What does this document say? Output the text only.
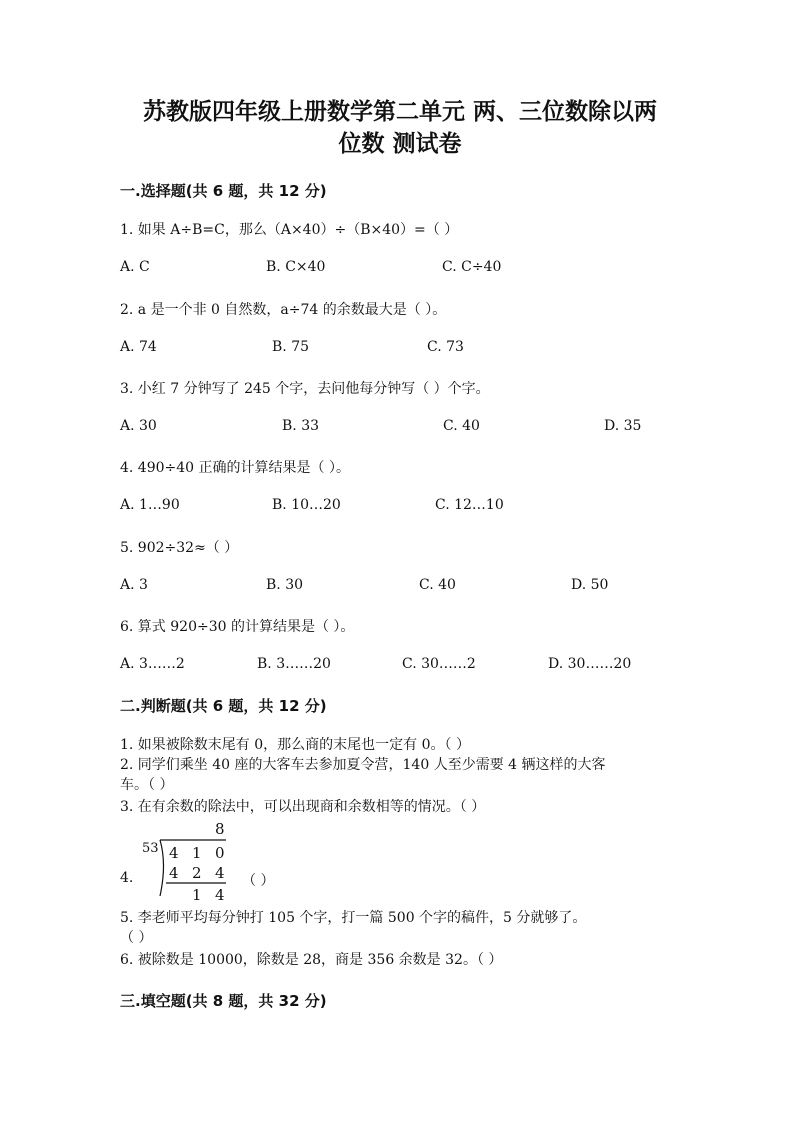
苏教版四年级上册数学第二单元 两、三位数除以两
位数 测试卷
一.选择题(共 6 题，共 12 分)
1. 如果 A÷B=C，那么（A×40）÷（B×40）=（ ）
A. C	B. C×40	C. C÷40
2. a 是一个非 0 自然数，a÷74 的余数最大是（ ）。
A. 74	B. 75	C. 73
3. 小红 7 分钟写了 245 个字，去问他每分钟写（ ）个字。
A. 30	B. 33	C. 40	D. 35
4. 490÷40 正确的计算结果是（ ）。
A. 1…90	B. 10…20	C. 12…10
5. 902÷32≈（ ）
A. 3	B. 30	C. 40	D. 50
6. 算式 920÷30 的计算结果是（ ）。
A. 3……2	B. 3……20	C. 30……2	D. 30……20
二.判断题(共 6 题，共 12 分)
1. 如果被除数末尾有 0，那么商的末尾也一定有 0。（ ）
2. 同学们乘坐 40 座的大客车去参加夏令营，140 人至少需要 4 辆这样的大客
车。（ ）
3. 在有余数的除法中，可以出现商和余数相等的情况。（ ）
4.
8
53 4 1 0
4 2 4
1 4
（ ）
5. 李老师平均每分钟打 105 个字，打一篇 500 个字的稿件，5 分就够了。
（ ）
6. 被除数是 10000，除数是 28，商是 356 余数是 32。（ ）
三.填空题(共 8 题，共 32 分)
